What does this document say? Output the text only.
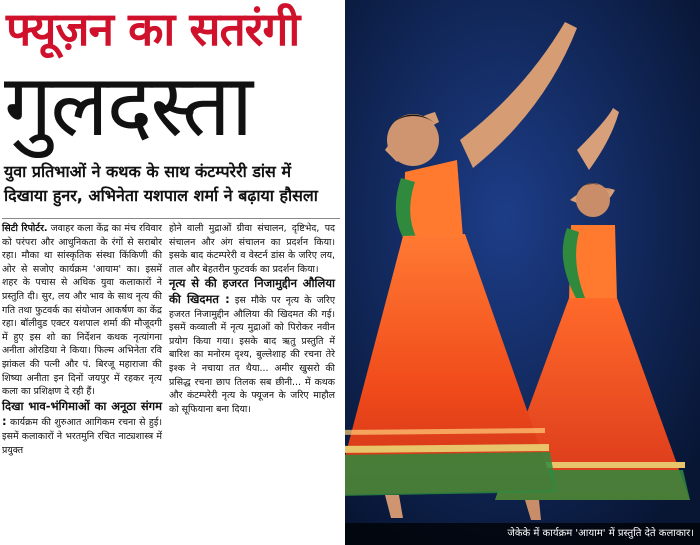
फ्यूज़न का सतरंगी
गुलदस्ता
युवा प्रतिभाओं ने कथक के साथ कंटम्परेरी डांस में
दिखाया हुनर, अभिनेता यशपाल शर्मा ने बढ़ाया हौसला

सिटी रिपोर्टर. जवाहर कला केंद्र का मंच रविवार को परंपरा और आधुनिकता के रंगों से सराबोर रहा। मौका था सांस्कृतिक संस्था किंकिणी की ओर से सजोए कार्यक्रम 'आयाम' का। इसमें शहर के पचास से अधिक युवा कलाकारों ने प्रस्तुति दी। सुर, लय और भाव के साथ नृत्य की गति तथा फुटवर्क का संयोजन आकर्षण का केंद्र रहा। बॉलीवुड एक्टर यशपाल शर्मा की मौजूदगी में हुए इस शो का निर्देशन कथक नृत्यांगना अनीता ओरडिया ने किया। फिल्म अभिनेता रवि झांकल की पत्नी और पं. बिरजू महाराजा की शिष्या अनीता इन दिनों जयपुर में रहकर नृत्य कला का प्रशिक्षण दे रही हैं।

दिखा भाव-भंगिमाओं का अनूठा संगम : कार्यक्रम की शुरुआत आगिकम रचना से हुई। इसमें कलाकारों ने भरतमुनि रचित नाट्यशास्त्र में प्रयुक्त

होने वाली मुद्राओं ग्रीवा संचालन, दृष्टिभेद, पद संचालन और अंग संचालन का प्रदर्शन किया। इसके बाद कंटम्परेरी व वेस्टर्न डांस के जरिए लय, ताल और बेहतरीन फुटवर्क का प्रदर्शन किया।

नृत्य से की हजरत निजामुद्दीन औलिया की खिदमत : इस मौके पर नृत्य के जरिए हजरत निजामुद्दीन औलिया की खिदमत की गई। इसमें कव्वाली में नृत्य मुद्राओं को पिरोकर नवीन प्रयोग किया गया। इसके बाद ऋतु प्रस्तुति में बारिश का मनोरम दृश्य, बुल्लेशाह की रचना तेरे इश्क ने नचाया तत थैया... अमीर खुसरो की प्रसिद्ध रचना छाप तिलक सब छीनी... में कथक और कंटम्परेरी नृत्य के फ्यूजन के जरिए माहौल को सूफियाना बना दिया।

जेकेके में कार्यक्रम 'आयाम' में प्रस्तुति देते कलाकार।
